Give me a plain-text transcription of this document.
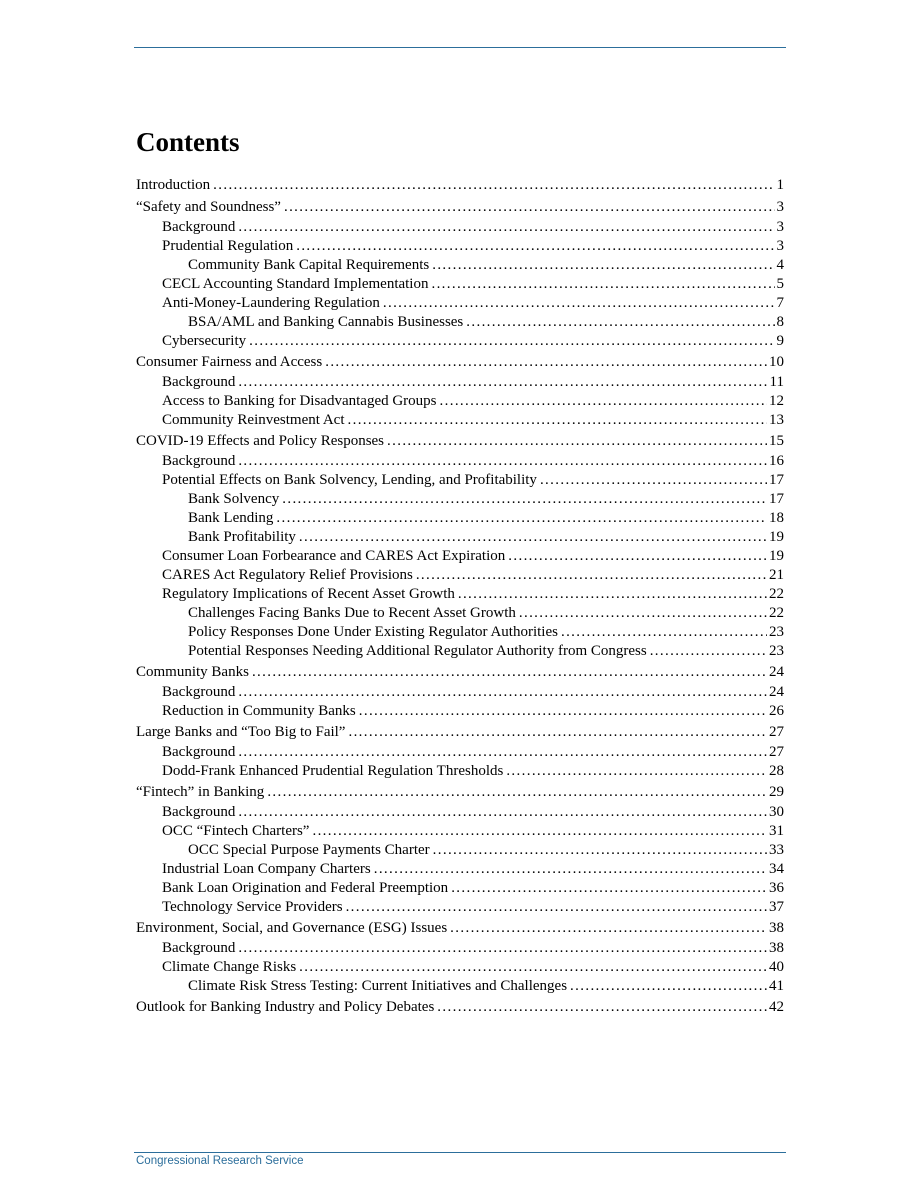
Contents
Introduction . . .	1
“Safety and Soundness” . . .	3
Background . . .	3
Prudential Regulation . . .	3
Community Bank Capital Requirements . . .	4
CECL Accounting Standard Implementation . . .	5
Anti-Money-Laundering Regulation . . .	7
BSA/AML and Banking Cannabis Businesses . . .	8
Cybersecurity . . .	9
Consumer Fairness and Access . . .	10
Background . . .	11
Access to Banking for Disadvantaged Groups . . .	12
Community Reinvestment Act . . .	13
COVID-19 Effects and Policy Responses . . .	15
Background . . .	16
Potential Effects on Bank Solvency, Lending, and Profitability . . .	17
Bank Solvency . . .	17
Bank Lending . . .	18
Bank Profitability . . .	19
Consumer Loan Forbearance and CARES Act Expiration . . .	19
CARES Act Regulatory Relief Provisions . . .	21
Regulatory Implications of Recent Asset Growth . . .	22
Challenges Facing Banks Due to Recent Asset Growth . . .	22
Policy Responses Done Under Existing Regulator Authorities . . .	23
Potential Responses Needing Additional Regulator Authority from Congress . . .	23
Community Banks . . .	24
Background . . .	24
Reduction in Community Banks . . .	26
Large Banks and “Too Big to Fail” . . .	27
Background . . .	27
Dodd-Frank Enhanced Prudential Regulation Thresholds . . .	28
“Fintech” in Banking . . .	29
Background . . .	30
OCC “Fintech Charters” . . .	31
OCC Special Purpose Payments Charter . . .	33
Industrial Loan Company Charters . . .	34
Bank Loan Origination and Federal Preemption . . .	36
Technology Service Providers . . .	37
Environment, Social, and Governance (ESG) Issues . . .	38
Background . . .	38
Climate Change Risks . . .	40
Climate Risk Stress Testing: Current Initiatives and Challenges . . .	41
Outlook for Banking Industry and Policy Debates . . .	42
Congressional Research Service
